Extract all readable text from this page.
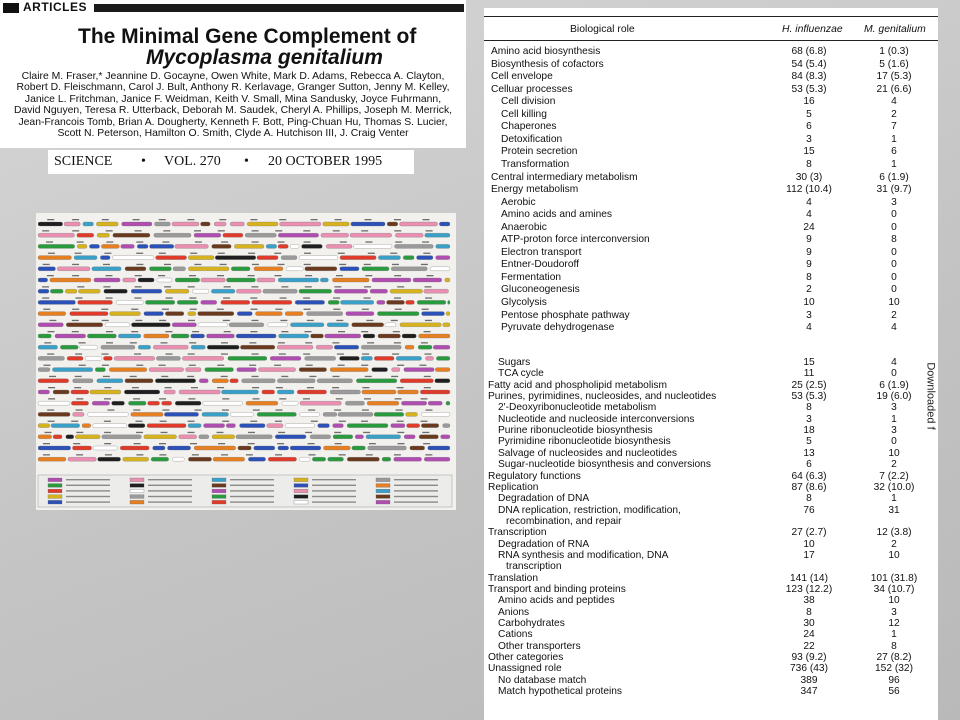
ARTICLES
The Minimal Gene Complement of
Mycoplasma genitalium
Claire M. Fraser,* Jeannine D. Gocayne, Owen White, Mark D. Adams, Rebecca A. Clayton,
Robert D. Fleischmann, Carol J. Bult, Anthony R. Kerlavage, Granger Sutton, Jenny M. Kelley,
Janice L. Fritchman, Janice F. Weidman, Keith V. Small, Mina Sandusky, Joyce Fuhrmann,
David Nguyen, Teresa R. Utterback, Deborah M. Saudek, Cheryl A. Phillips, Joseph M. Merrick,
Jean-Francois Tomb, Brian A. Dougherty, Kenneth F. Bott, Ping-Chuan Hu, Thomas S. Lucier,
Scott N. Peterson, Hamilton O. Smith, Clyde A. Hutchison III, J. Craig Venter
SCIENCE • VOL. 270 • 20 OCTOBER 1995
Biological role	H. influenzae M. genitalium
Amino acid biosynthesis	68 (6.8)	1 (0.3)
Biosynthesis of cofactors	54 (5.4)	5 (1.6)
Cell envelope	84 (8.3)	17 (5.3)
Celluar processes	53 (5.3)	21 (6.6)
Cell division	16	4
Cell killing	5	2
Chaperones	6	7
Detoxification	3	1
Protein secretion	15	6
Transformation	8	1
Central intermediary metabolism	30 (3)	6 (1.9)
Energy metabolism	112 (10.4)	31 (9.7)
Aerobic	4	3
Amino acids and amines	4	0
Anaerobic	24	0
ATP-proton force interconversion	9	8
Electron transport	9	0
Entner-Doudoroff	9	0
Fermentation	8	0
Gluconeogenesis	2	0
Glycolysis	10	10
Pentose phosphate pathway	3	2
Pyruvate dehydrogenase	4	4
Sugars	15	4
TCA cycle	11	0
Fatty acid and phospholipid metabolism	25 (2.5)	6 (1.9)
Purines, pyrimidines, nucleosides, and nucleotides	53 (5.3)	19 (6.0)
2'-Deoxyribonucleotide metabolism	8	3
Nucleotide and nucleoside interconversions	3	1
Purine ribonucleotide biosynthesis	18	3
Pyrimidine ribonucleotide biosynthesis	5	0
Salvage of nucleosides and nucleotides	13	10
Sugar-nucleotide biosynthesis and conversions	6	2
Regulatory functions	64 (6.3)	7 (2.2)
Replication	87 (8.6)	32 (10.0)
Degradation of DNA	8	1
DNA replication, restriction, modification,	76	31
recombination, and repair
Transcription	27 (2.7)	12 (3.8)
Degradation of RNA	10	2
RNA synthesis and modification, DNA	17	10
transcription
Translation	141 (14)	101 (31.8)
Transport and binding proteins	123 (12.2)	34 (10.7)
Amino acids and peptides	38	10
Anions	8	3
Carbohydrates	30	12
Cations	24	1
Other transporters	22	8
Other categories	93 (9.2)	27 (8.2)
Unassigned role	736 (43)	152 (32)
No database match	389	96
Match hypothetical proteins	347	56
Downloaded f
